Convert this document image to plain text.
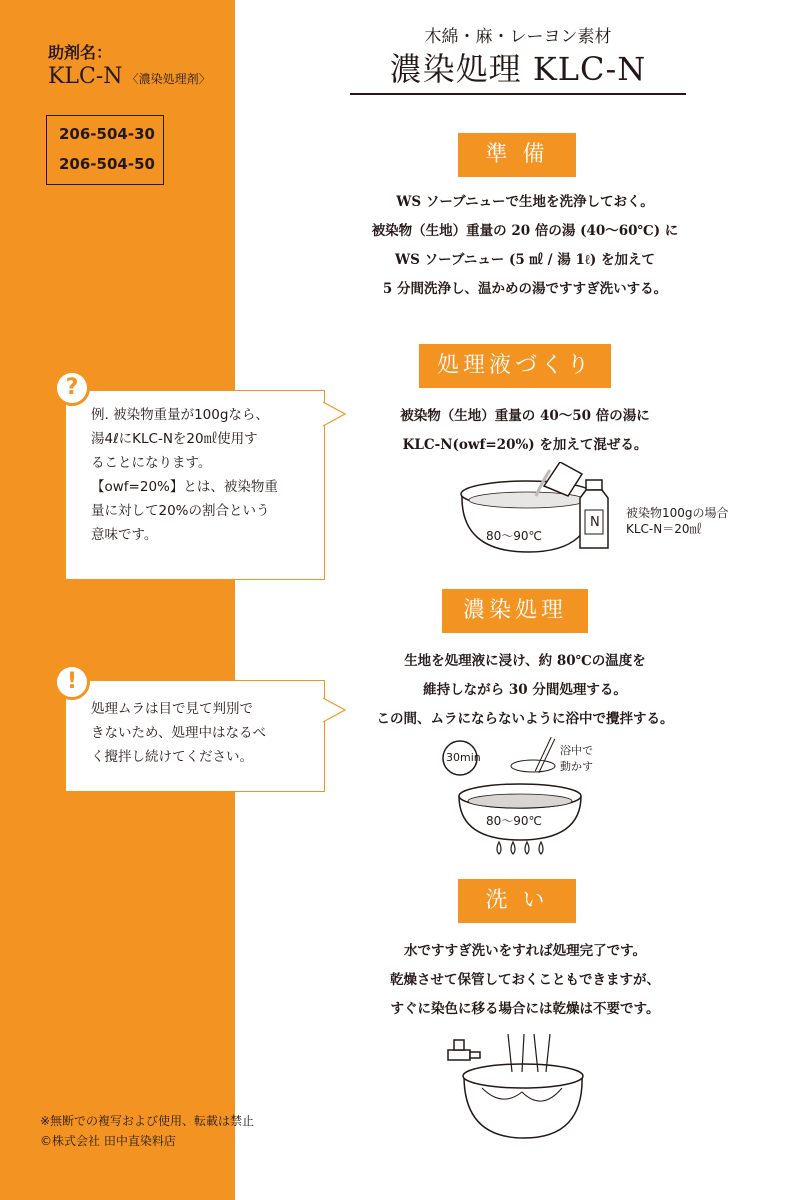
助剤名：
KLC-N 〈濃染処理剤〉
206-504-30
206-504-50
木綿・麻・レーヨン素材
濃染処理 KLC-N
準 備
WS ソーブニューで生地を洗浄しておく。
被染物（生地）重量の 20 倍の湯 (40～60℃) に
WS ソーブニュー (5 ㎖ / 湯 1ℓ) を加えて
5 分間洗浄し、温かめの湯ですすぎ洗いする。
処理液づくり
被染物（生地）重量の 40～50 倍の湯に
KLC-N(owf=20%) を加えて混ぜる。
80～90℃
N
被染物100gの場合
KLC-N＝20㎖
濃染処理
生地を処理液に浸け、約 80℃の温度を
維持しながら 30 分間処理する。
この間、ムラにならないように浴中で攪拌する。
30min
浴中で
動かす
80～90℃
洗 い
水ですすぎ洗いをすれば処理完了です。
乾燥させて保管しておくこともできますが、
すぐに染色に移る場合には乾燥は不要です。
例. 被染物重量が100gなら、
湯4ℓにKLC-Nを20㎖使用す
ることになります。
【owf=20%】とは、被染物重
量に対して20%の割合という
意味です。
?
処理ムラは目で見て判別で
きないため、処理中はなるべ
く攪拌し続けてください。
!
※無断での複写および使用、転載は禁止
©株式会社 田中直染料店
